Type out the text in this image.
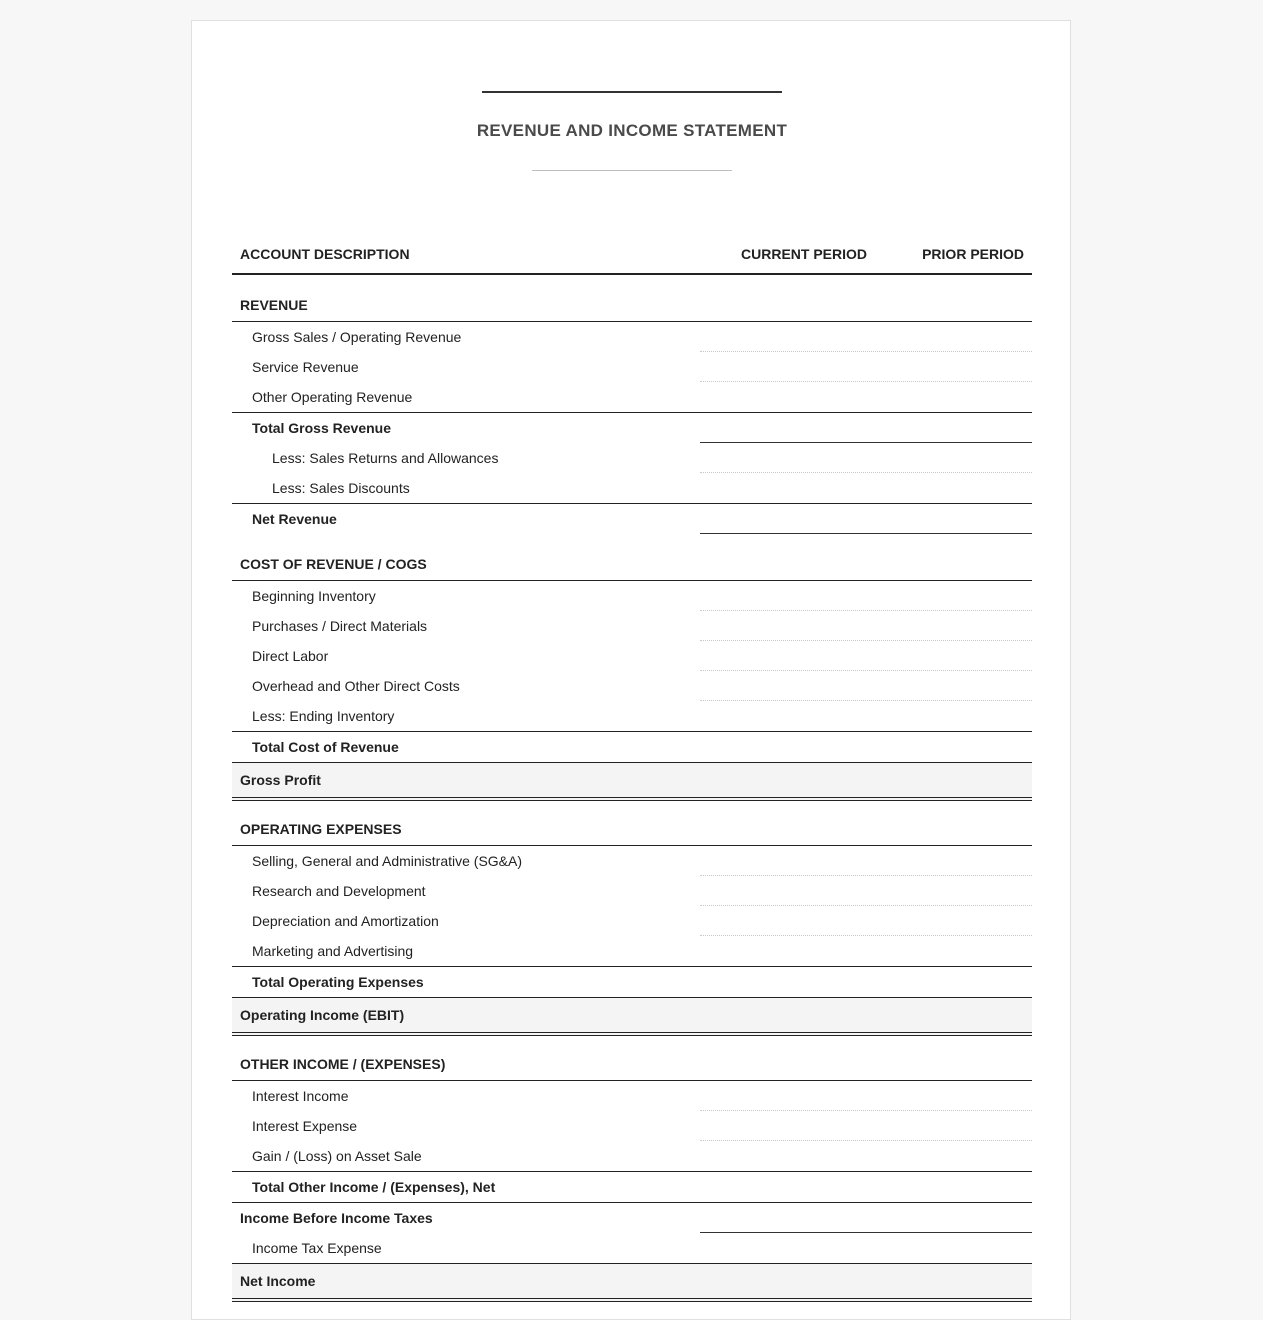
REVENUE AND INCOME STATEMENT
ACCOUNT DESCRIPTION	CURRENT PERIOD	PRIOR PERIOD
REVENUE
Gross Sales / Operating Revenue
Service Revenue
Other Operating Revenue
Total Gross Revenue
Less: Sales Returns and Allowances
Less: Sales Discounts
Net Revenue
COST OF REVENUE / COGS
Beginning Inventory
Purchases / Direct Materials
Direct Labor
Overhead and Other Direct Costs
Less: Ending Inventory
Total Cost of Revenue
Gross Profit
OPERATING EXPENSES
Selling, General and Administrative (SG&A)
Research and Development
Depreciation and Amortization
Marketing and Advertising
Total Operating Expenses
Operating Income (EBIT)
OTHER INCOME / (EXPENSES)
Interest Income
Interest Expense
Gain / (Loss) on Asset Sale
Total Other Income / (Expenses), Net
Income Before Income Taxes
Income Tax Expense
Net Income
